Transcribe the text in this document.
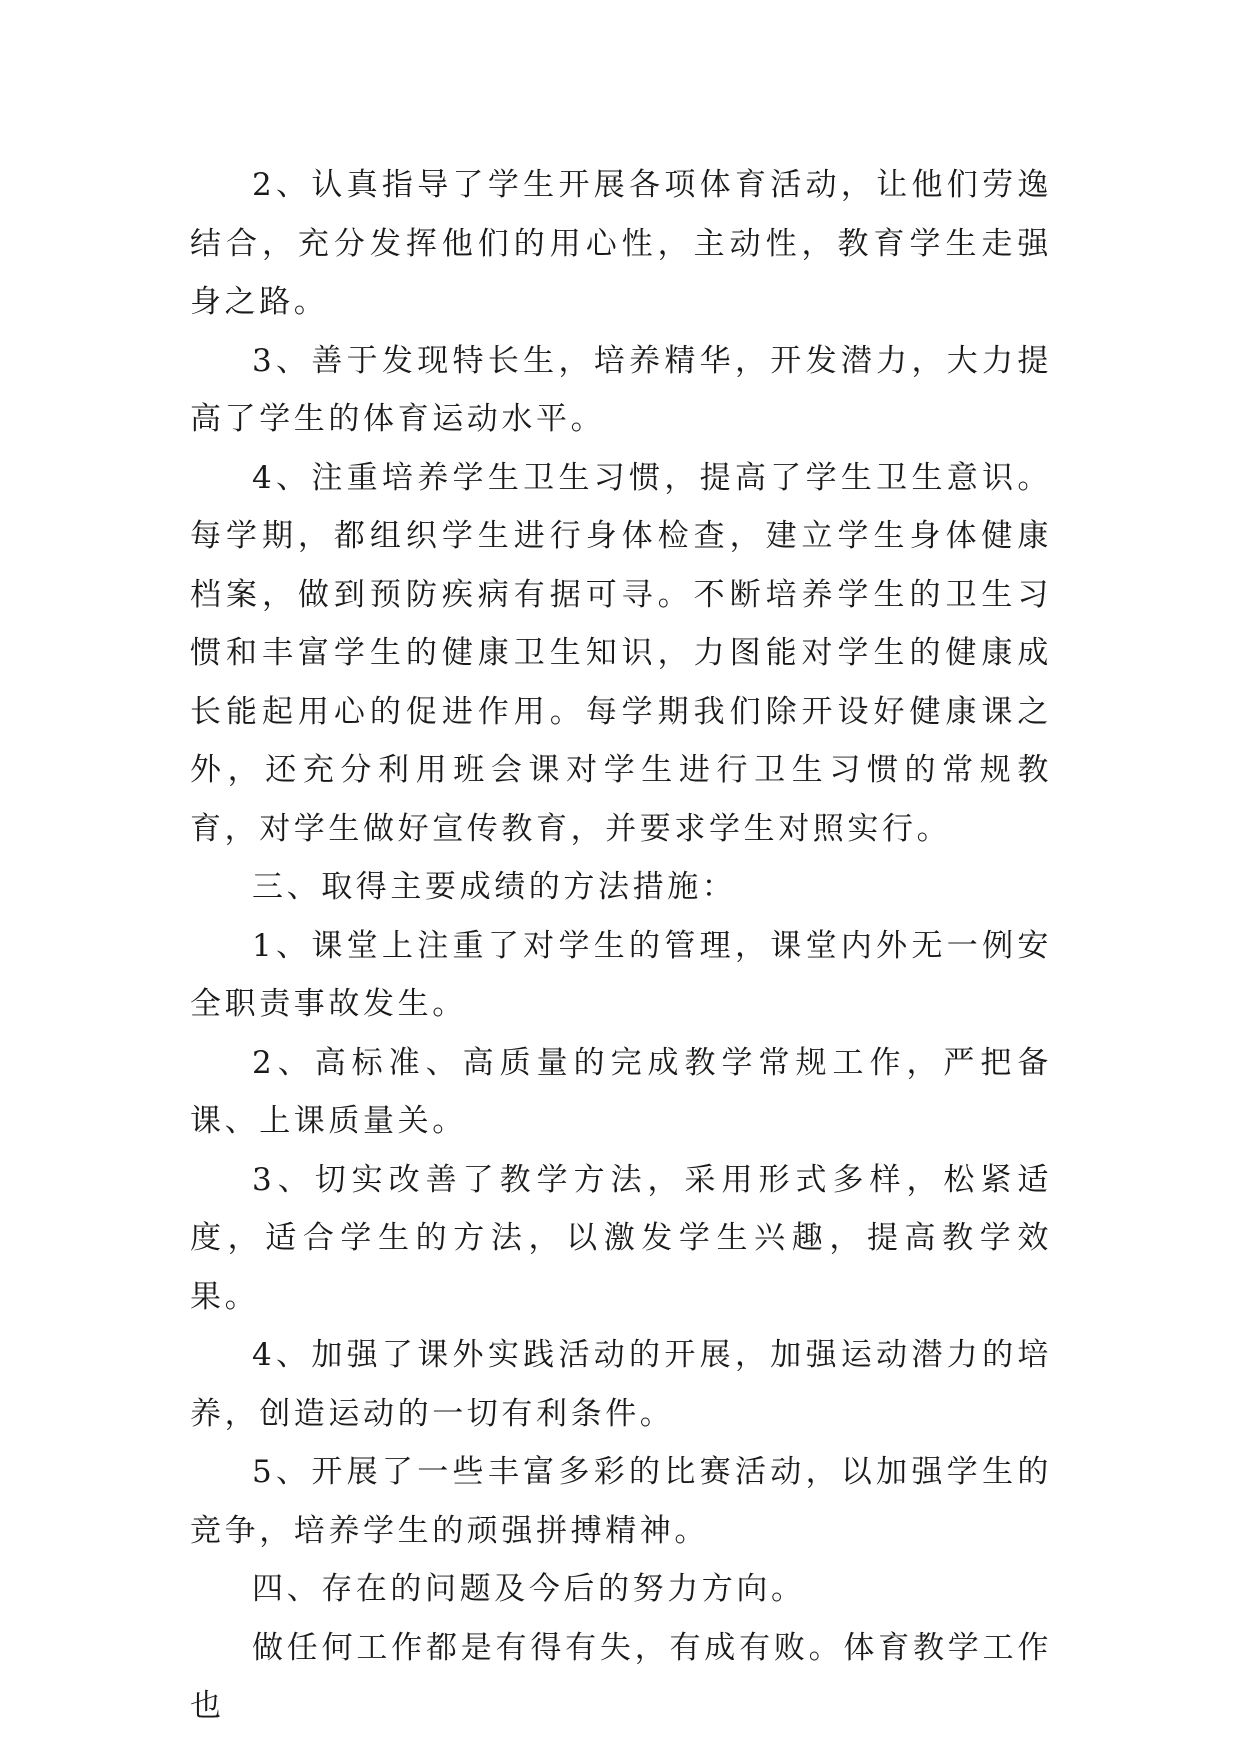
2、认真指导了学生开展各项体育活动，让他们劳逸结合，充分发挥他们的用心性，主动性，教育学生走强身之路。

3、善于发现特长生，培养精华，开发潜力，大力提高了学生的体育运动水平。

4、注重培养学生卫生习惯，提高了学生卫生意识。每学期，都组织学生进行身体检查，建立学生身体健康档案，做到预防疾病有据可寻。不断培养学生的卫生习惯和丰富学生的健康卫生知识，力图能对学生的健康成长能起用心的促进作用。每学期我们除开设好健康课之外，还充分利用班会课对学生进行卫生习惯的常规教育，对学生做好宣传教育，并要求学生对照实行。

三、取得主要成绩的方法措施：

1、课堂上注重了对学生的管理，课堂内外无一例安全职责事故发生。

2、高标准、高质量的完成教学常规工作，严把备课、上课质量关。

3、切实改善了教学方法，采用形式多样，松紧适度，适合学生的方法，以激发学生兴趣，提高教学效果。

4、加强了课外实践活动的开展，加强运动潜力的培养，创造运动的一切有利条件。

5、开展了一些丰富多彩的比赛活动，以加强学生的竞争，培养学生的顽强拼搏精神。

四、存在的问题及今后的努力方向。

做任何工作都是有得有失，有成有败。体育教学工作也
